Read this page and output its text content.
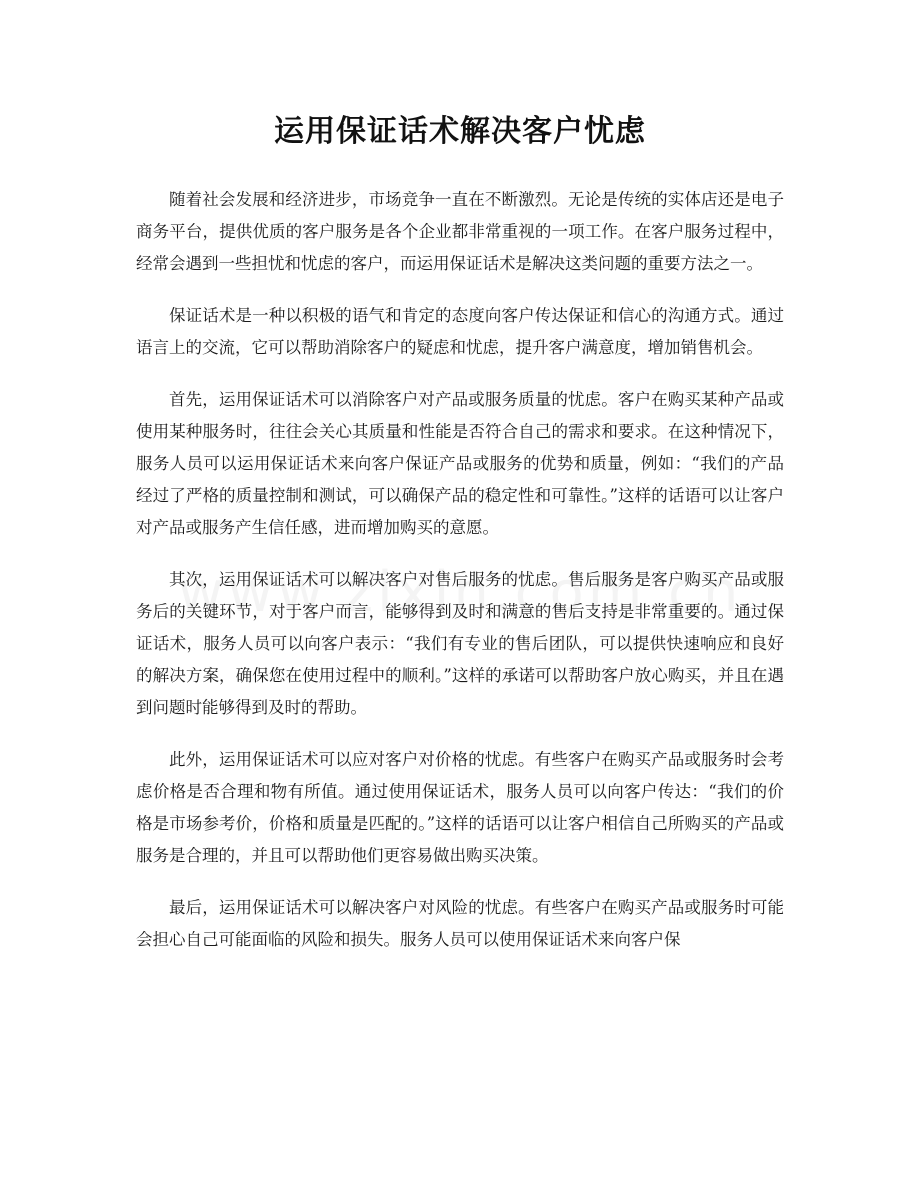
运用保证话术解决客户忧虑

随着社会发展和经济进步，市场竞争一直在不断激烈。无论是传统的实体店还是电子商务平台，提供优质的客户服务是各个企业都非常重视的一项工作。在客户服务过程中，经常会遇到一些担忧和忧虑的客户，而运用保证话术是解决这类问题的重要方法之一。

保证话术是一种以积极的语气和肯定的态度向客户传达保证和信心的沟通方式。通过语言上的交流，它可以帮助消除客户的疑虑和忧虑，提升客户满意度，增加销售机会。

首先，运用保证话术可以消除客户对产品或服务质量的忧虑。客户在购买某种产品或使用某种服务时，往往会关心其质量和性能是否符合自己的需求和要求。在这种情况下，服务人员可以运用保证话术来向客户保证产品或服务的优势和质量，例如：“我们的产品经过了严格的质量控制和测试，可以确保产品的稳定性和可靠性。”这样的话语可以让客户对产品或服务产生信任感，进而增加购买的意愿。

其次，运用保证话术可以解决客户对售后服务的忧虑。售后服务是客户购买产品或服务后的关键环节，对于客户而言，能够得到及时和满意的售后支持是非常重要的。通过保证话术，服务人员可以向客户表示：“我们有专业的售后团队，可以提供快速响应和良好的解决方案，确保您在使用过程中的顺利。”这样的承诺可以帮助客户放心购买，并且在遇到问题时能够得到及时的帮助。

此外，运用保证话术可以应对客户对价格的忧虑。有些客户在购买产品或服务时会考虑价格是否合理和物有所值。通过使用保证话术，服务人员可以向客户传达：“我们的价格是市场参考价，价格和质量是匹配的。”这样的话语可以让客户相信自己所购买的产品或服务是合理的，并且可以帮助他们更容易做出购买决策。

最后，运用保证话术可以解决客户对风险的忧虑。有些客户在购买产品或服务时可能会担心自己可能面临的风险和损失。服务人员可以使用保证话术来向客户保
